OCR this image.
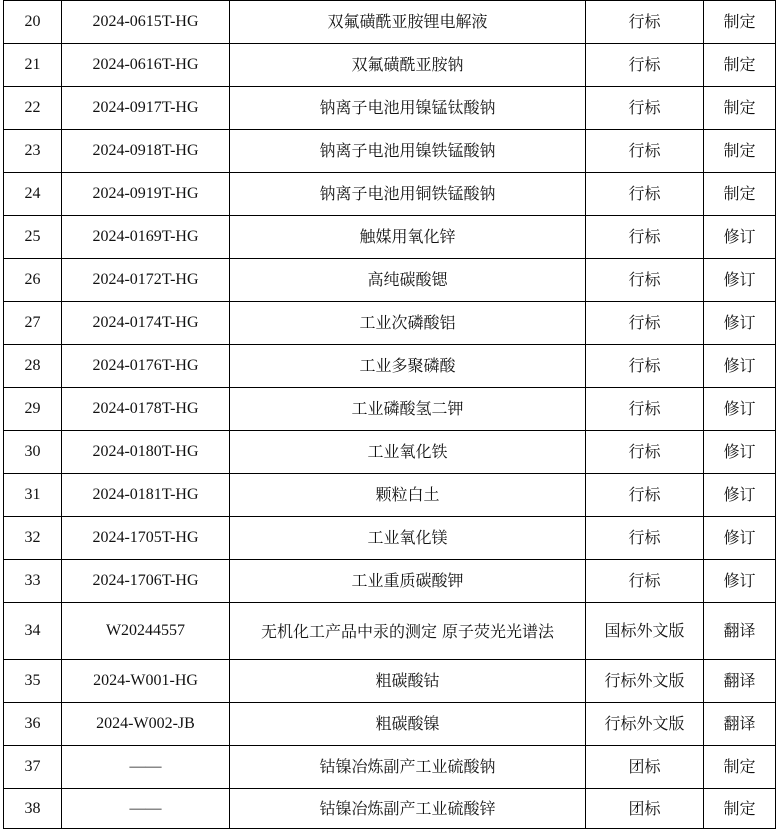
20	2024-0615T-HG	双氟磺酰亚胺锂电解液	行标	制定
21	2024-0616T-HG	双氟磺酰亚胺钠	行标	制定
22	2024-0917T-HG	钠离子电池用镍锰钛酸钠	行标	制定
23	2024-0918T-HG	钠离子电池用镍铁锰酸钠	行标	制定
24	2024-0919T-HG	钠离子电池用铜铁锰酸钠	行标	制定
25	2024-0169T-HG	触媒用氧化锌	行标	修订
26	2024-0172T-HG	高纯碳酸锶	行标	修订
27	2024-0174T-HG	工业次磷酸铝	行标	修订
28	2024-0176T-HG	工业多聚磷酸	行标	修订
29	2024-0178T-HG	工业磷酸氢二钾	行标	修订
30	2024-0180T-HG	工业氧化铁	行标	修订
31	2024-0181T-HG	颗粒白土	行标	修订
32	2024-1705T-HG	工业氧化镁	行标	修订
33	2024-1706T-HG	工业重质碳酸钾	行标	修订
34	W20244557	无机化工产品中汞的测定 原子荧光光谱法	国标外文版	翻译
35	2024-W001-HG	粗碳酸钴	行标外文版	翻译
36	2024-W002-JB	粗碳酸镍	行标外文版	翻译
37	——	钴镍冶炼副产工业硫酸钠	团标	制定
38	——	钴镍冶炼副产工业硫酸锌	团标	制定
